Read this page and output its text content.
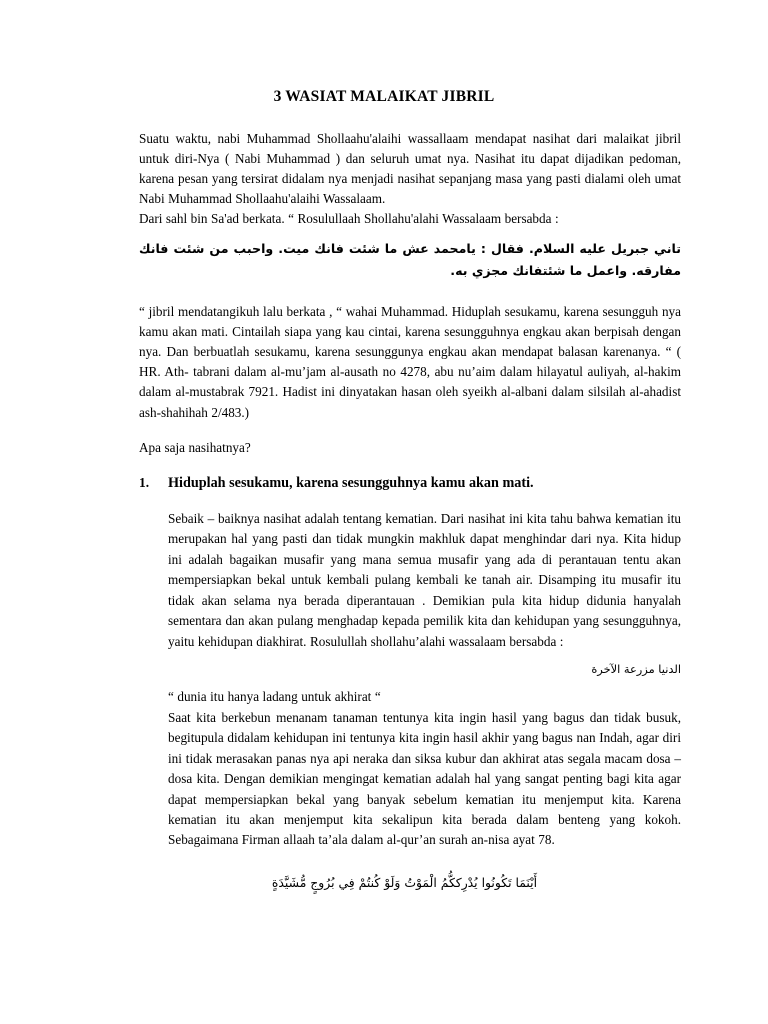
3 WASIAT MALAIKAT JIBRIL

Suatu waktu, nabi Muhammad Shollaahu'alaihi wassallaam mendapat nasihat dari malaikat jibril untuk diri-Nya ( Nabi Muhammad ) dan seluruh umat nya. Nasihat itu dapat dijadikan pedoman, karena pesan yang tersirat didalam nya menjadi nasihat sepanjang masa yang pasti dialami oleh umat Nabi Muhammad Shollaahu'alaihi Wassalaam.

Dari sahl bin Sa'ad berkata. “ Rosulullaah Shollahu'alahi Wassalaam bersabda :

تاني جبريل عليه السلام. فقال : يامحمد عش ما شئت فانك ميت. واحبب من شئت فانك مفارقه. واعمل ما شئتفانك مجزي به.

“ jibril mendatangikuh lalu berkata , “ wahai Muhammad. Hiduplah sesukamu, karena sesungguh nya kamu akan mati. Cintailah siapa yang kau cintai, karena sesungguhnya engkau akan berpisah dengan nya. Dan berbuatlah sesukamu, karena sesunggunya engkau akan mendapat balasan karenanya. “ ( HR. Ath- tabrani dalam al-mu’jam al-ausath no 4278, abu nu’aim dalam hilayatul auliyah, al-hakim dalam al-mustabrak 7921. Hadist ini dinyatakan hasan oleh syeikh al-albani dalam silsilah al-ahadist ash-shahihah 2/483.)

Apa saja nasihatnya?

1.	Hiduplah sesukamu, karena sesungguhnya kamu akan mati.

Sebaik – baiknya nasihat adalah tentang kematian. Dari nasihat ini kita tahu bahwa kematian itu merupakan hal yang pasti dan tidak mungkin makhluk dapat menghindar dari nya. Kita hidup ini adalah bagaikan musafir yang mana semua musafir yang ada di perantauan tentu akan mempersiapkan bekal untuk kembali pulang kembali ke tanah air. Disamping itu musafir itu tidak akan selama nya berada diperantauan . Demikian pula kita hidup didunia hanyalah sementara dan akan pulang menghadap kepada pemilik kita dan kehidupan yang sesungguhnya, yaitu kehidupan diakhirat. Rosulullah shollahu’alahi wassalaam bersabda :

الدنيا مزرعة الآخرة

“ dunia itu hanya ladang untuk akhirat “

Saat kita berkebun menanam tanaman tentunya kita ingin hasil yang bagus dan tidak busuk, begitupula didalam kehidupan ini tentunya kita ingin hasil akhir yang bagus nan Indah, agar diri ini tidak merasakan panas nya api neraka dan siksa kubur dan akhirat atas segala macam dosa – dosa kita. Dengan demikian mengingat kematian adalah hal yang sangat penting bagi kita agar dapat mempersiapkan bekal yang banyak sebelum kematian itu menjemput kita. Karena kematian itu akan menjemput kita sekalipun kita berada dalam benteng yang kokoh. Sebagaimana Firman allaah ta’ala dalam al-qur’an surah an-nisa ayat 78.

أَيْنَمَا تَكُونُوا يُدْرِككُّمُ الْمَوْتُ وَلَوْ كُنتُمْ فِي بُرُوجٍ مُّشَيَّدَةٍ
